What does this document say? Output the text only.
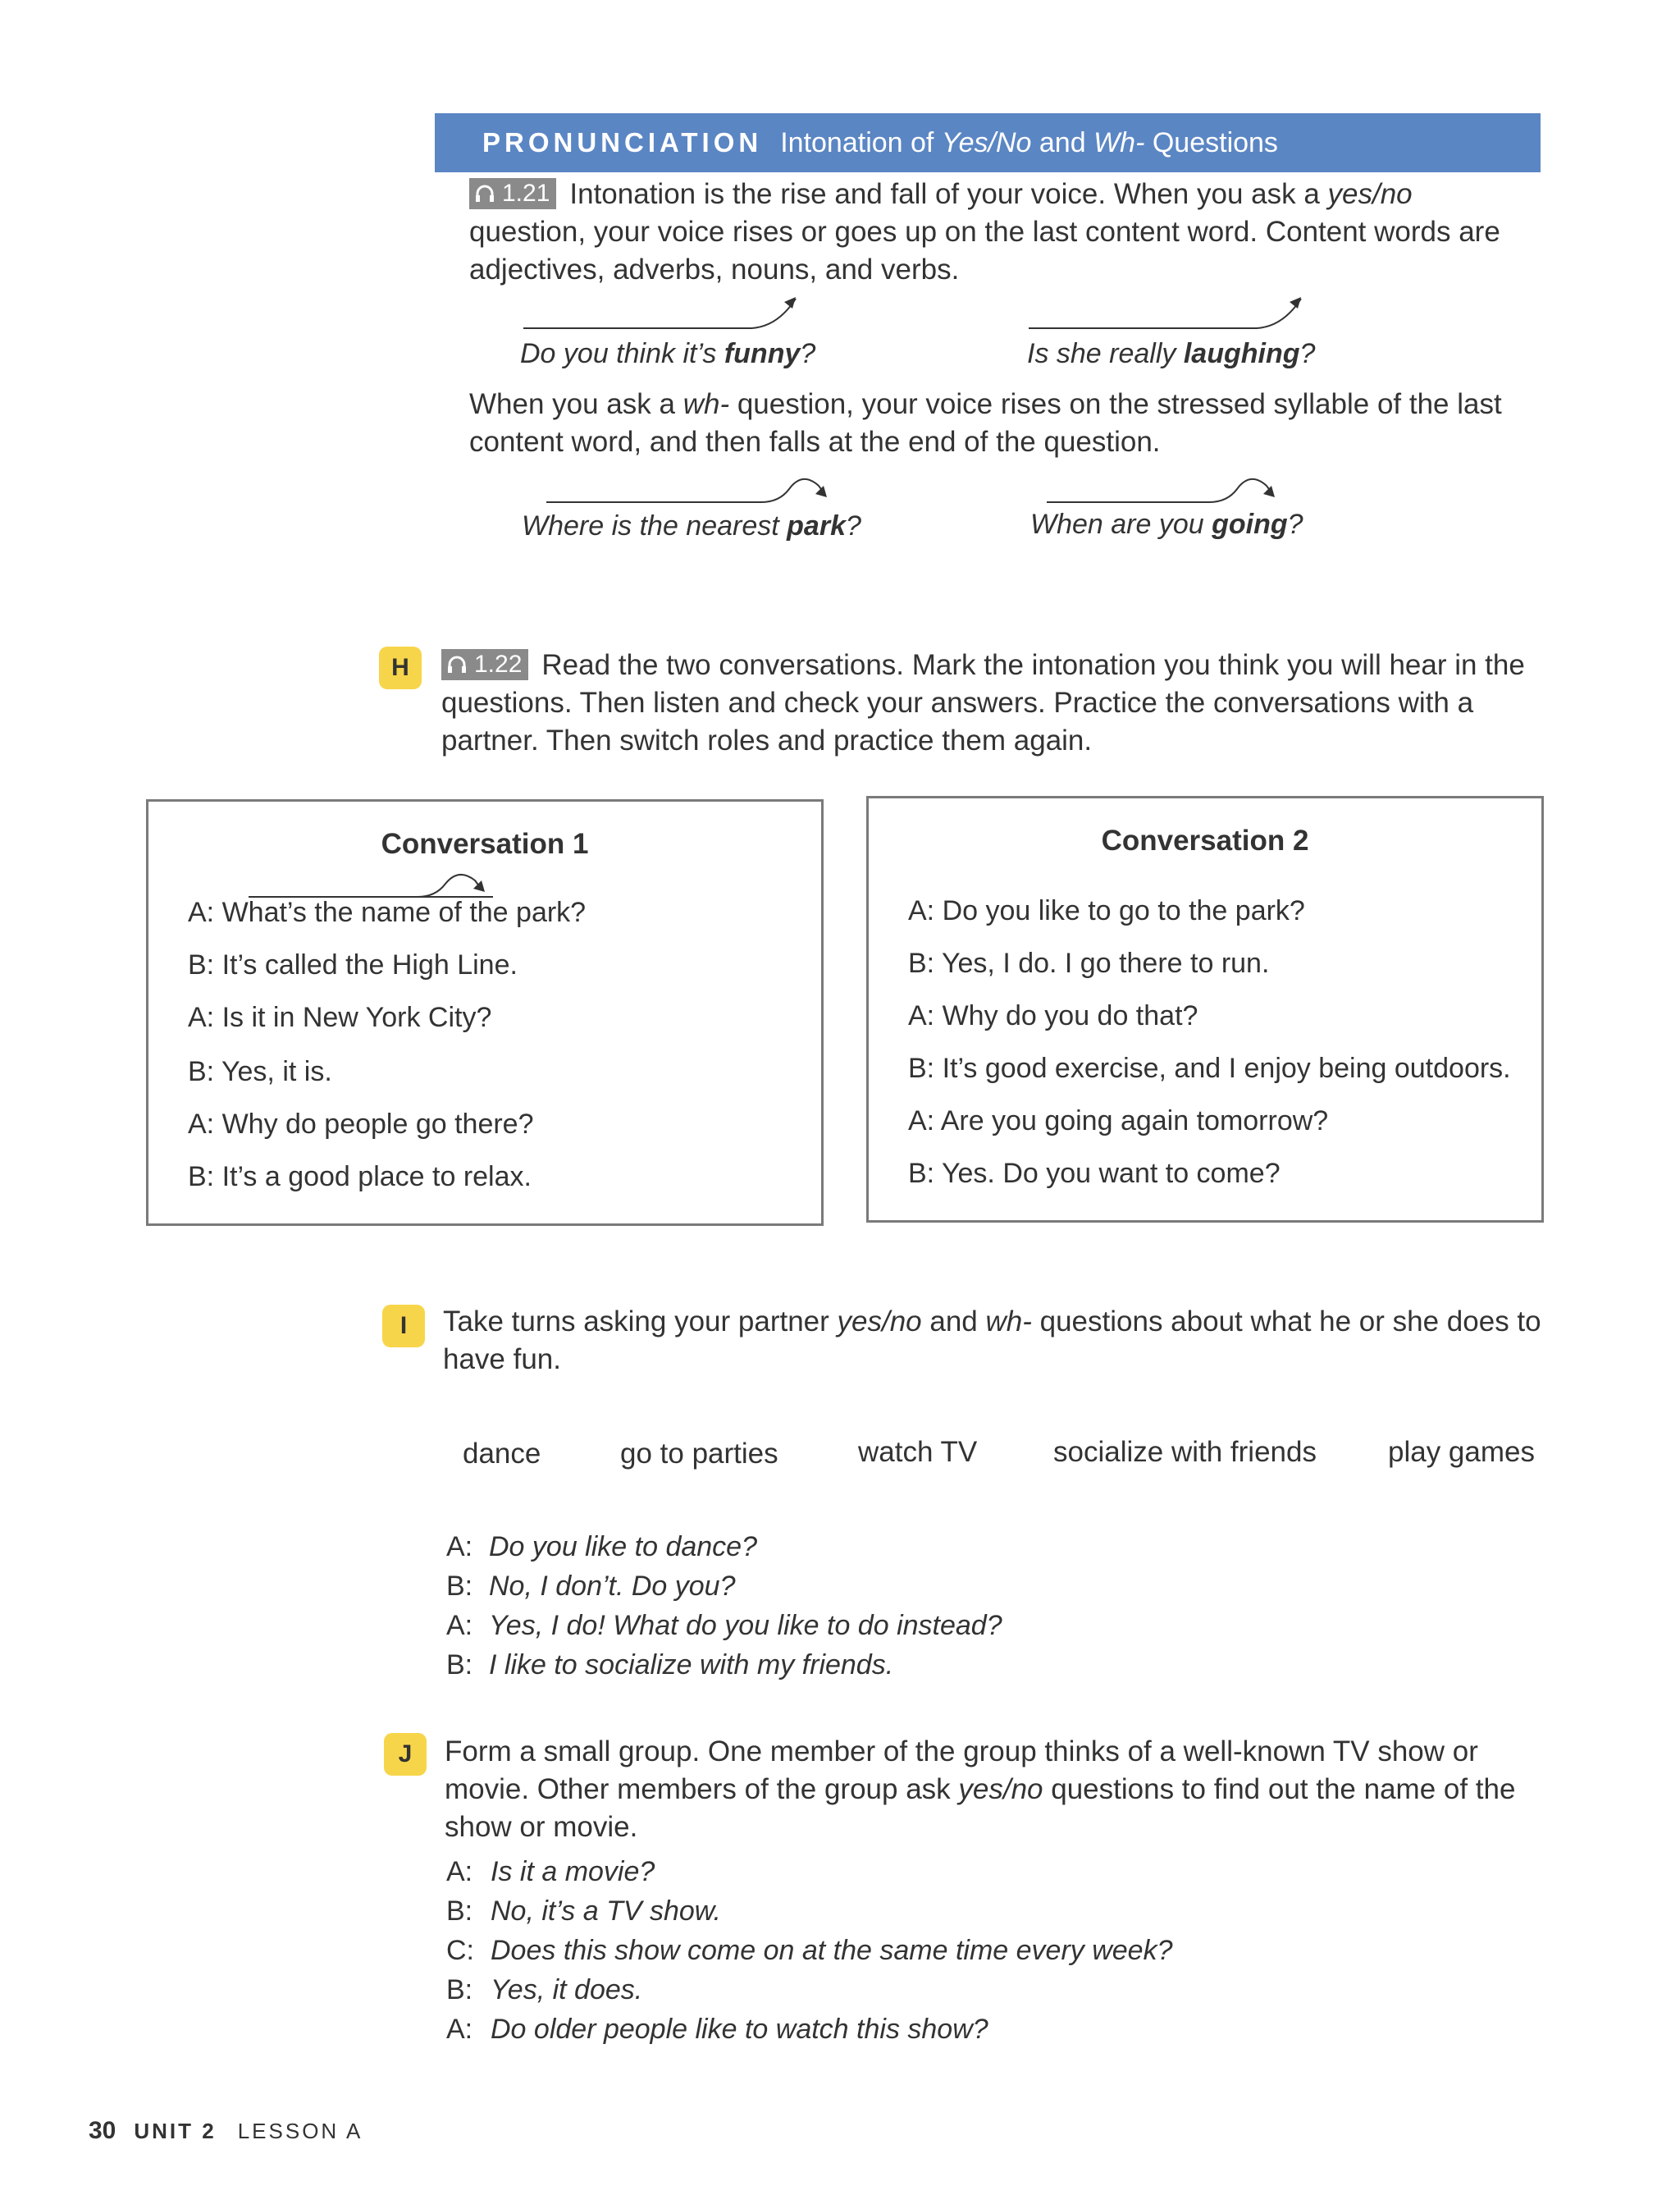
PRONUNCIATION Intonation of Yes/No and Wh- Questions
1.21 Intonation is the rise and fall of your voice. When you ask a yes/no question, your voice rises or goes up on the last content word. Content words are adjectives, adverbs, nouns, and verbs.
Do you think it’s funny?	Is she really laughing?
When you ask a wh- question, your voice rises on the stressed syllable of the last content word, and then falls at the end of the question.
Where is the nearest park?	When are you going?
H	1.22 Read the two conversations. Mark the intonation you think you will hear in the questions. Then listen and check your answers. Practice the conversations with a partner. Then switch roles and practice them again.
Conversation 1
A: What’s the name of the park?
B: It’s called the High Line.
A: Is it in New York City?
B: Yes, it is.
A: Why do people go there?
B: It’s a good place to relax.
Conversation 2
A: Do you like to go to the park?
B: Yes, I do. I go there to run.
A: Why do you do that?
B: It’s good exercise, and I enjoy being outdoors.
A: Are you going again tomorrow?
B: Yes. Do you want to come?
I	Take turns asking your partner yes/no and wh- questions about what he or she does to have fun.
dance	go to parties	watch TV	socialize with friends play games
A: Do you like to dance?
B: No, I don’t. Do you?
A: Yes, I do! What do you like to do instead?
B: I like to socialize with my friends.
J	Form a small group. One member of the group thinks of a well-known TV show or movie. Other members of the group ask yes/no questions to find out the name of the show or movie.
A: Is it a movie?
B: No, it’s a TV show.
C: Does this show come on at the same time every week?
B: Yes, it does.
A: Do older people like to watch this show?
30 UNIT 2 LESSON A
